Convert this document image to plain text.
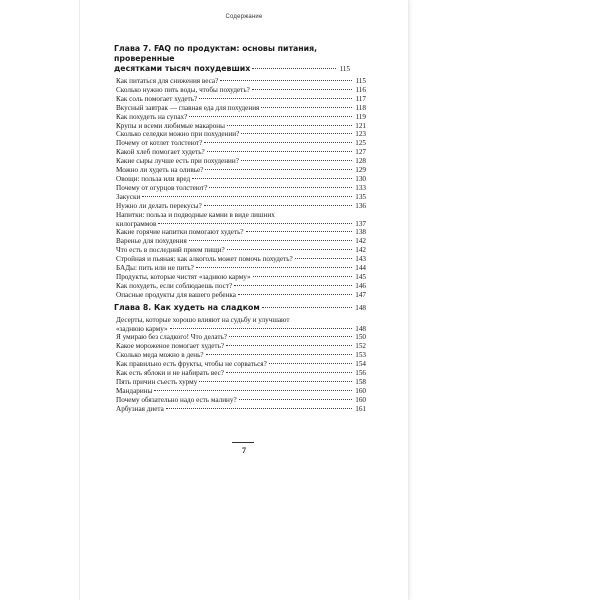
Содержание
Глава 7. FAQ по продуктам: основы питания, проверенные
десятками тысяч похудевших	115
Как питаться для снижения веса?	115
Сколько нужно пить воды, чтобы похудеть?	116
Как соль помогает худеть?	117
Вкусный завтрак — главная еда для похудения	118
Как похудеть на супах?	119
Крупы и всеми любимые макароны	121
Сколько селедки можно при похудении?	123
Почему от котлет толстеют?	125
Какой хлеб помогает худеть?	127
Какие сыры лучше есть при похудении?	128
Можно ли худеть на оливье?	129
Овощи: польза или вред	130
Почему от огурцов толстеют?	133
Закуски	135
Нужно ли делать перекусы?	136
Напитки: польза и подводные камни в виде лишних
килограммов	137
Какие горячие напитки помогают худеть?	138
Варенье для похудения	142
Что есть в последний прием пищи?	142
Стройная и пьяная: как алкоголь может помочь похудеть?	143
БАДы: пить или не пить?	144
Продукты, которые чистят «заднюю карму»	145
Как похудеть, если соблюдаешь пост?	146
Опасные продукты для вашего ребенка	147
Глава 8. Как худеть на сладком	148
Десерты, которые хорошо влияют на судьбу и улучшают
«заднюю карму»	148
Я умираю без сладкого! Что делать?	150
Какое мороженое помогает худеть?	152
Сколько меда можно в день?	153
Как правильно есть фрукты, чтобы не сорваться?	154
Как есть яблоки и не набирать вес?	156
Пять причин съесть хурму	158
Мандарины	160
Почему обязательно надо есть малину?	160
Арбузная диета	161
7
